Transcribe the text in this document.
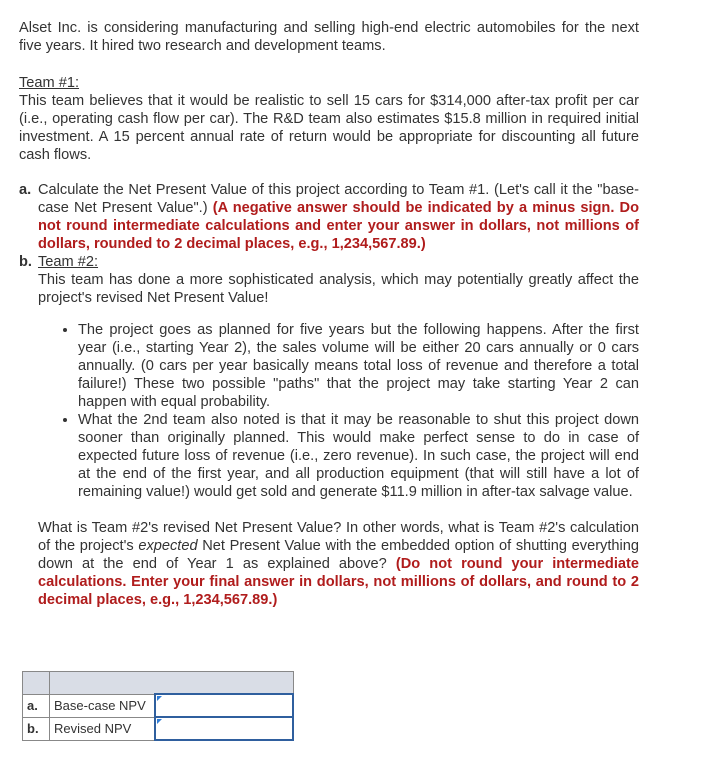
Alset Inc. is considering manufacturing and selling high-end electric automobiles for the next five years. It hired two research and development teams.

Team #1:

This team believes that it would be realistic to sell 15 cars for $314,000 after-tax profit per car (i.e., operating cash flow per car). The R&D team also estimates $15.8 million in required initial investment. A 15 percent annual rate of return would be appropriate for discounting all future cash flows.

a. Calculate the Net Present Value of this project according to Team #1. (Let's call it the "base-case Net Present Value".) (A negative answer should be indicated by a minus sign. Do not round intermediate calculations and enter your answer in dollars, not millions of dollars, rounded to 2 decimal places, e.g., 1,234,567.89.)

b. Team #2:

This team has done a more sophisticated analysis, which may potentially greatly affect the project's revised Net Present Value!

• The project goes as planned for five years but the following happens. After the first year (i.e., starting Year 2), the sales volume will be either 20 cars annually or 0 cars annually. (0 cars per year basically means total loss of revenue and therefore a total failure!) These two possible "paths" that the project may take starting Year 2 can happen with equal probability.
• What the 2nd team also noted is that it may be reasonable to shut this project down sooner than originally planned. This would make perfect sense to do in case of expected future loss of revenue (i.e., zero revenue). In such case, the project will end at the end of the first year, and all production equipment (that will still have a lot of remaining value!) would get sold and generate $11.9 million in after-tax salvage value.

What is Team #2's revised Net Present Value? In other words, what is Team #2's calculation of the project's expected Net Present Value with the embedded option of shutting everything down at the end of Year 1 as explained above? (Do not round your intermediate calculations. Enter your final answer in dollars, not millions of dollars, and round to 2 decimal places, e.g., 1,234,567.89.)

a.	Base-case NPV	
b.	Revised NPV	
